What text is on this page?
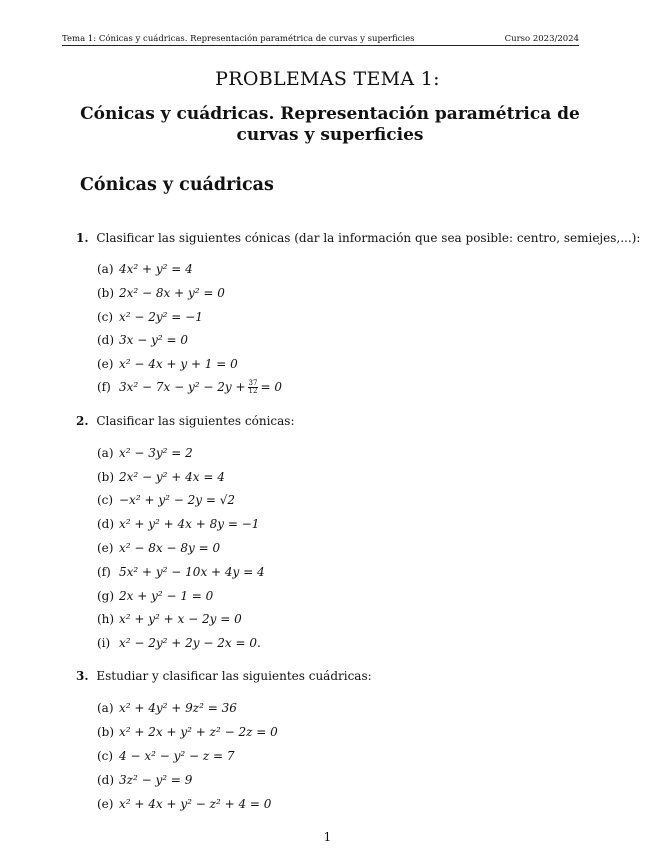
Tema 1: Cónicas y cuádricas. Representación paramétrica de curvas y superficies	Curso 2023/2024
PROBLEMAS TEMA 1:
Cónicas y cuádricas. Representación paramétrica de
curvas y superficies
Cónicas y cuádricas
1. Clasificar las siguientes cónicas (dar la información que sea posible: centro, semiejes,...):
(a) 4x² + y² = 4
(b) 2x² − 8x + y² = 0
(c) x² − 2y² = −1
(d) 3x − y² = 0
(e) x² − 4x + y + 1 = 0
(f) $3x^2 - 7x - y^2 - 2y + \frac{37}{12} = 0$
2. Clasificar las siguientes cónicas:
(a) x² − 3y² = 2
(b) 2x² − y² + 4x = 4
(c) −x² + y² − 2y = √2
(d) x² + y² + 4x + 8y = −1
(e) x² − 8x − 8y = 0
(f) 5x² + y² − 10x + 4y = 4
(g) 2x + y² − 1 = 0
(h) x² + y² + x − 2y = 0
(i) x² − 2y² + 2y − 2x = 0.
3. Estudiar y clasificar las siguientes cuádricas:
(a) x² + 4y² + 9z² = 36
(b) x² + 2x + y² + z² − 2z = 0
(c) 4 − x² − y² − z = 7
(d) 3z² − y² = 9
(e) x² + 4x + y² − z² + 4 = 0
1
